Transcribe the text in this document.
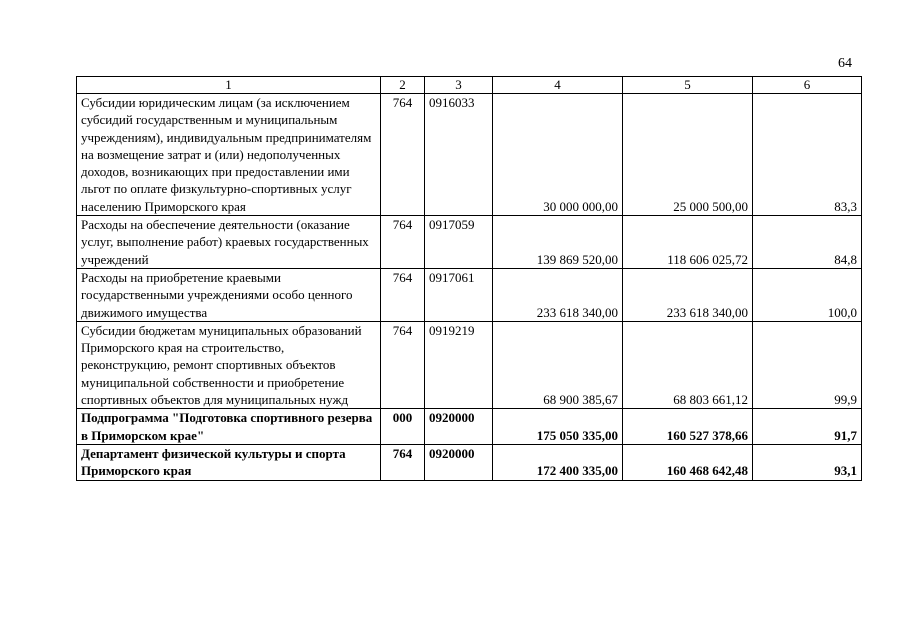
64
1	2	3	4	5	6
Субсидии юридическим лицам (за исключением субсидий государственным и муниципальным учреждениям), индивидуальным предпринимателям на возмещение затрат и (или) недополученных доходов, возникающих при предоставлении ими льгот по оплате физкультурно-спортивных услуг населению Приморского края	764	0916033	30 000 000,00	25 000 500,00	83,3
Расходы на обеспечение деятельности (оказание услуг, выполнение работ) краевых государственных учреждений	764	0917059	139 869 520,00	118 606 025,72	84,8
Расходы на приобретение краевыми государственными учреждениями особо ценного движимого имущества	764	0917061	233 618 340,00	233 618 340,00	100,0
Субсидии бюджетам муниципальных образований Приморского края на строительство, реконструкцию, ремонт спортивных объектов муниципальной собственности и приобретение спортивных объектов для муниципальных нужд	764	0919219	68 900 385,67	68 803 661,12	99,9
Подпрограмма "Подготовка спортивного резерва в Приморском крае"	000	0920000	175 050 335,00	160 527 378,66	91,7
Департамент физической культуры и спорта Приморского края	764	0920000	172 400 335,00	160 468 642,48	93,1
